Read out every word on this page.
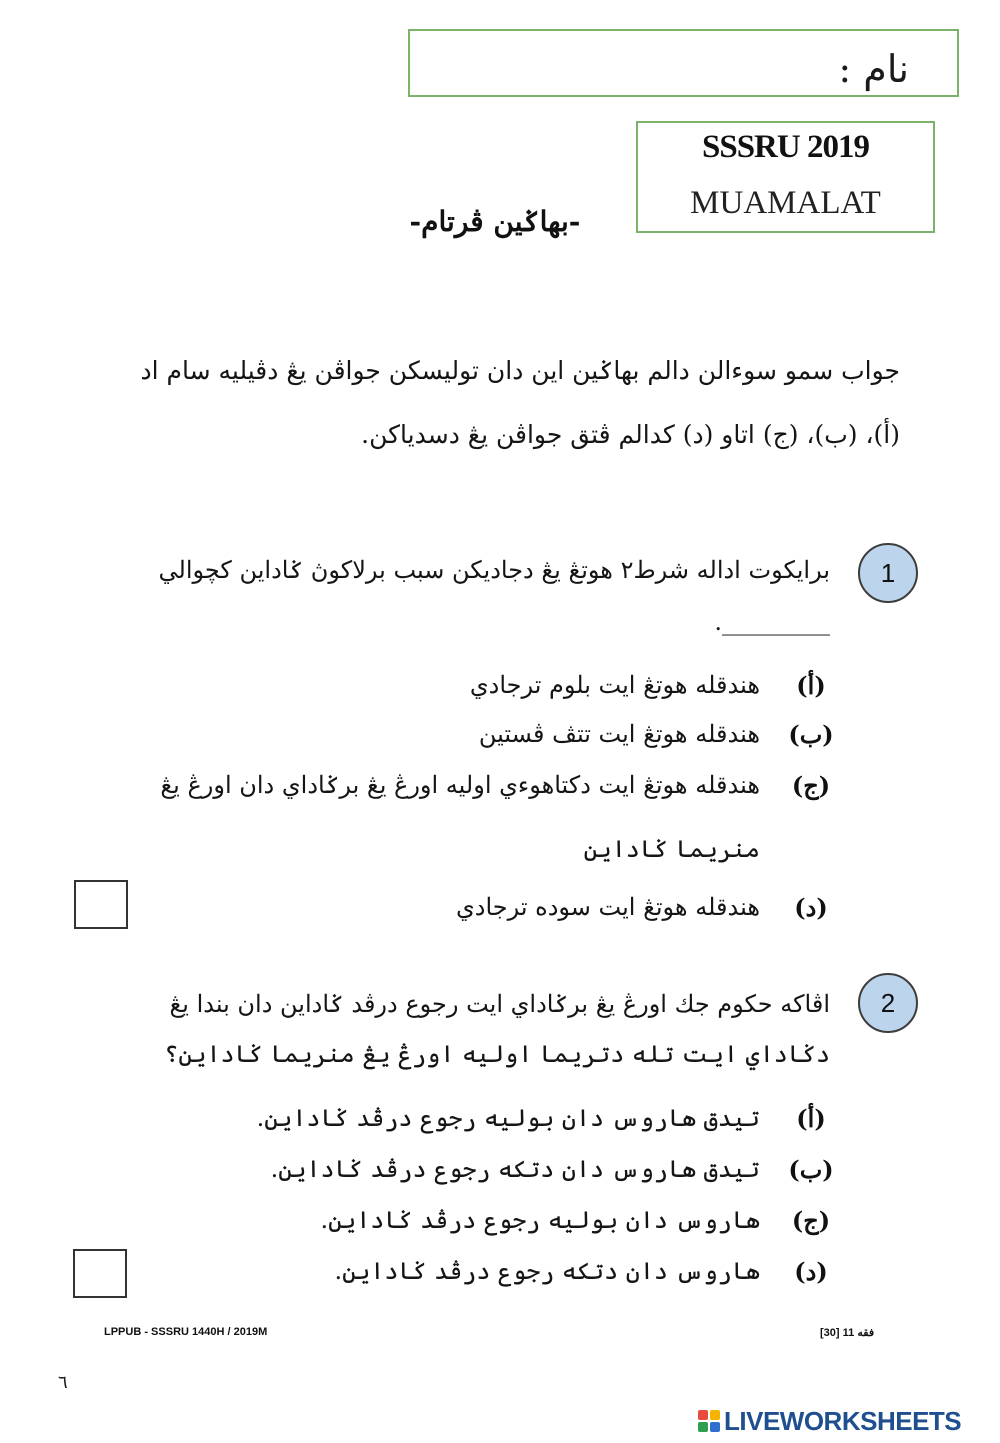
نام :
SSSRU 2019
MUAMALAT
-بهاݢين ڤرتام-
جواب سمو سوءالن دالم بهاݢين اين دان توليسكن جواڤن يڠ دڤيليه سام اد
(أ)، (ب)، (ج) اتاو (د) كدالم ڤتق جواڤن يڠ دسدياكن.
1
برايكوت اداله شرط٢ هوتڠ يڠ دجاديكن سبب برلاكوڽ ݢاداين كچوالي
_________.
(أ)
هندقله هوتڠ ايت بلوم ترجادي
(ب)
هندقله هوتڠ ايت تتڤ ڤستين
(ج)
هندقله هوتڠ ايت دكتاهوءي اوليه اورڠ يڠ برݢاداي دان اورڠ يڠ
منريما ݢاداين
(د)
هندقله هوتڠ ايت سوده ترجادي
2
اڤاكه حكوم جك اورڠ يڠ برݢاداي ايت رجوع درڤد ݢاداين دان بندا يڠ
دݢاداي ايت تله دتريما اوليه اورڠ يڠ منريما ݢاداين؟
(أ)
تيدق هاروس دان بوليه رجوع درڤد ݢاداين.
(ب)
تيدق هاروس دان دتكه رجوع درڤد ݢاداين.
(ج)
هاروس دان بوليه رجوع درڤد ݢاداين.
(د)
هاروس دان دتكه رجوع درڤد ݢاداين.
LPPUB - SSSRU 1440H / 2019M	فقه 11 [30]
٦
LIVEWORKSHEETS
